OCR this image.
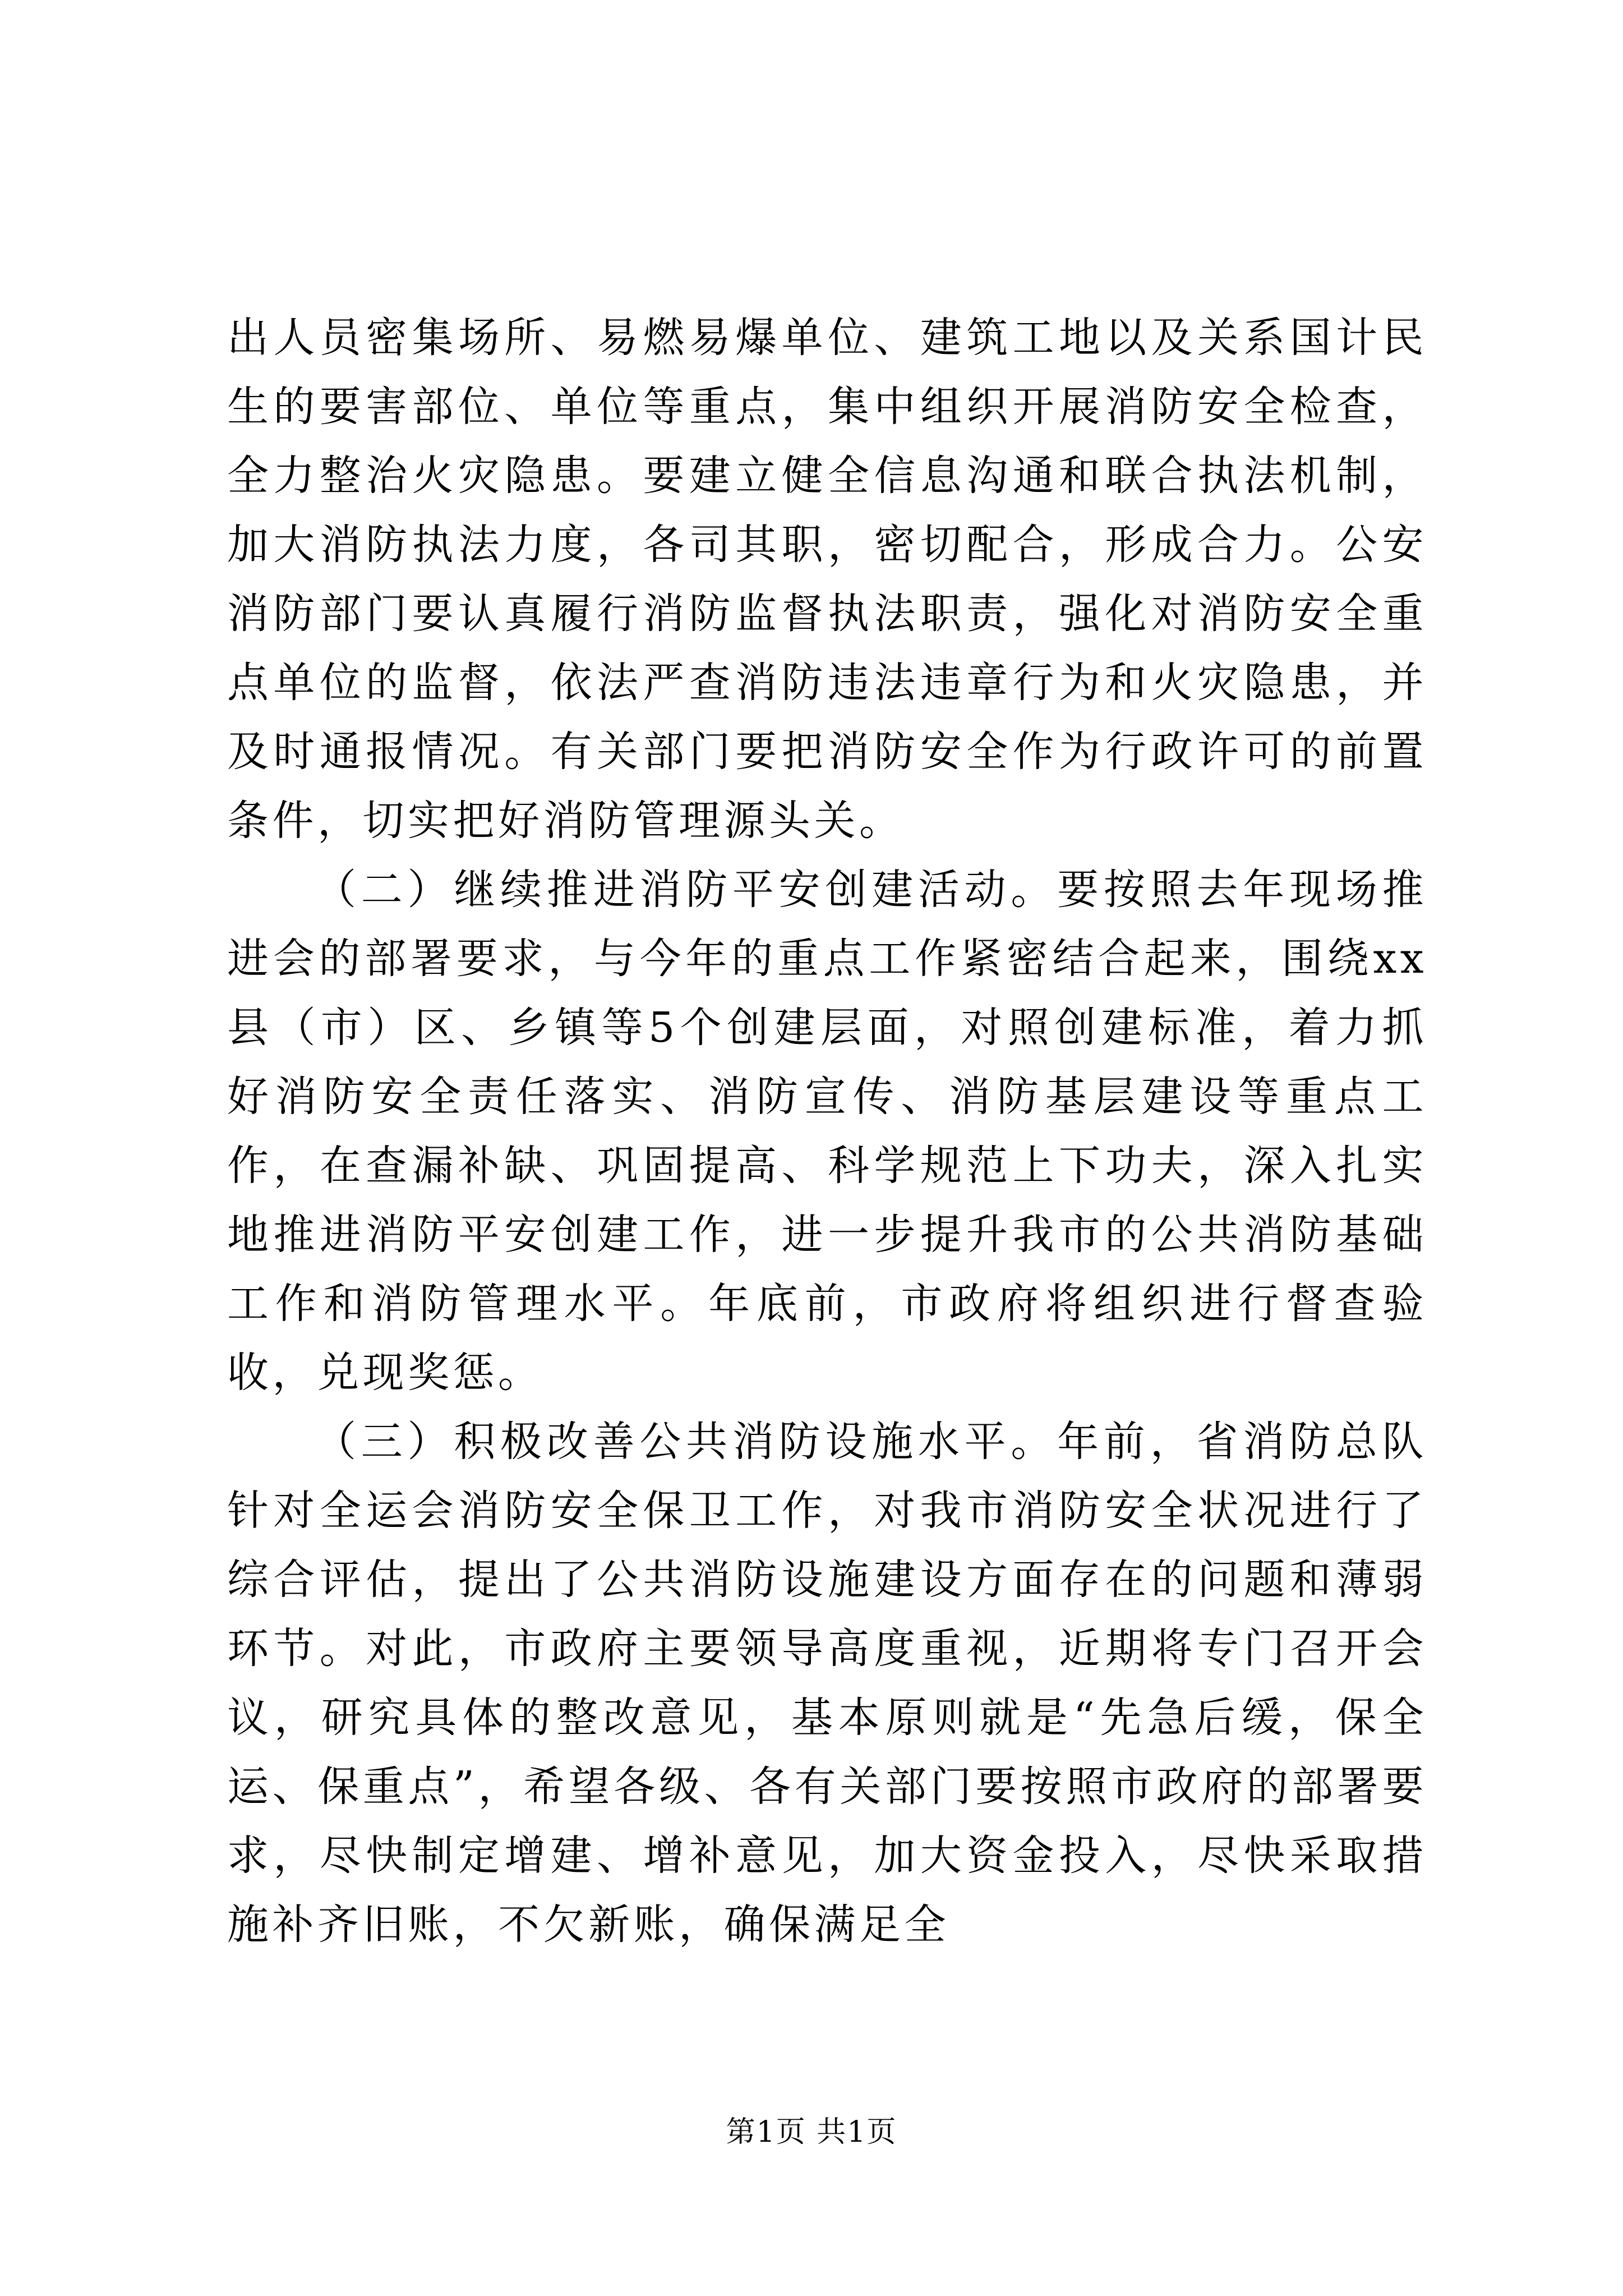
出人员密集场所、易燃易爆单位、建筑工地以及关系国计民生的要害部位、单位等重点，集中组织开展消防安全检查，全力整治火灾隐患。要建立健全信息沟通和联合执法机制，加大消防执法力度，各司其职，密切配合，形成合力。公安消防部门要认真履行消防监督执法职责，强化对消防安全重点单位的监督，依法严查消防违法违章行为和火灾隐患，并及时通报情况。有关部门要把消防安全作为行政许可的前置条件，切实把好消防管理源头关。

（二）继续推进消防平安创建活动。要按照去年现场推进会的部署要求，与今年的重点工作紧密结合起来，围绕xx县（市）区、乡镇等5个创建层面，对照创建标准，着力抓好消防安全责任落实、消防宣传、消防基层建设等重点工作，在查漏补缺、巩固提高、科学规范上下功夫，深入扎实地推进消防平安创建工作，进一步提升我市的公共消防基础工作和消防管理水平。年底前，市政府将组织进行督查验收，兑现奖惩。

（三）积极改善公共消防设施水平。年前，省消防总队针对全运会消防安全保卫工作，对我市消防安全状况进行了综合评估，提出了公共消防设施建设方面存在的问题和薄弱环节。对此，市政府主要领导高度重视，近期将专门召开会议，研究具体的整改意见，基本原则就是“先急后缓，保全运、保重点”，希望各级、各有关部门要按照市政府的部署要求，尽快制定增建、增补意见，加大资金投入，尽快采取措施补齐旧账，不欠新账，确保满足全

第1页 共1页
